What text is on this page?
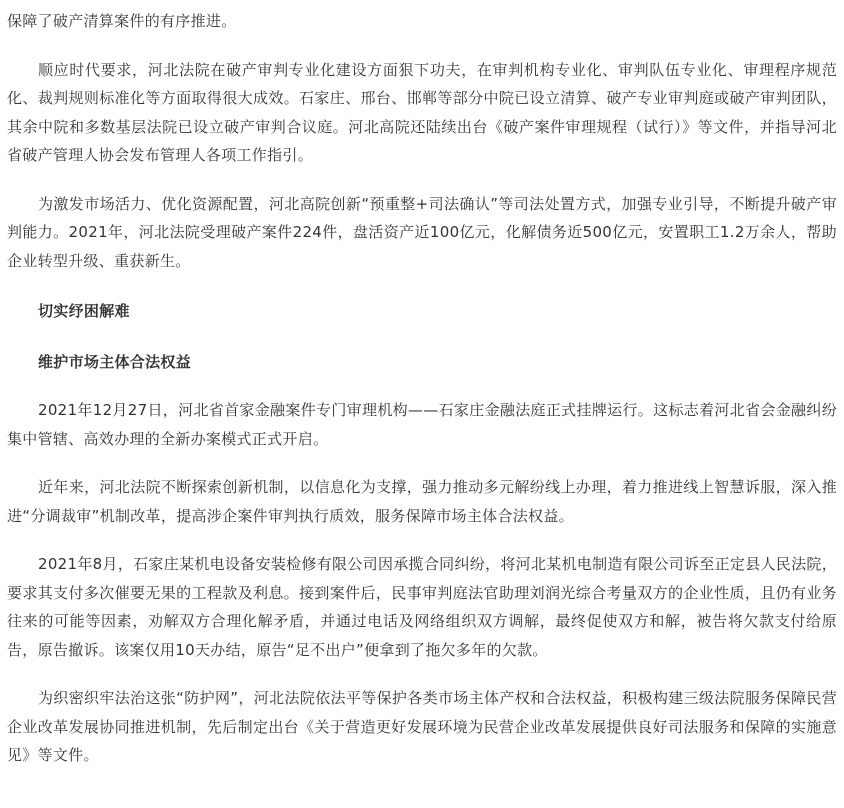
保障了破产清算案件的有序推进。

顺应时代要求，河北法院在破产审判专业化建设方面狠下功夫，在审判机构专业化、审判队伍专业化、审理程序规范化、裁判规则标准化等方面取得很大成效。石家庄、邢台、邯郸等部分中院已设立清算、破产专业审判庭或破产审判团队，其余中院和多数基层法院已设立破产审判合议庭。河北高院还陆续出台《破产案件审理规程（试行）》等文件，并指导河北省破产管理人协会发布管理人各项工作指引。

为激发市场活力、优化资源配置，河北高院创新“预重整+司法确认”等司法处置方式，加强专业引导，不断提升破产审判能力。2021年，河北法院受理破产案件224件，盘活资产近100亿元，化解债务近500亿元，安置职工1.2万余人，帮助企业转型升级、重获新生。

切实纾困解难

维护市场主体合法权益

2021年12月27日，河北省首家金融案件专门审理机构——石家庄金融法庭正式挂牌运行。这标志着河北省会金融纠纷集中管辖、高效办理的全新办案模式正式开启。

近年来，河北法院不断探索创新机制，以信息化为支撑，强力推动多元解纷线上办理，着力推进线上智慧诉服，深入推进“分调裁审”机制改革，提高涉企案件审判执行质效，服务保障市场主体合法权益。

2021年8月，石家庄某机电设备安装检修有限公司因承揽合同纠纷，将河北某机电制造有限公司诉至正定县人民法院，要求其支付多次催要无果的工程款及利息。接到案件后，民事审判庭法官助理刘润光综合考量双方的企业性质，且仍有业务往来的可能等因素，劝解双方合理化解矛盾，并通过电话及网络组织双方调解，最终促使双方和解，被告将欠款支付给原告，原告撤诉。该案仅用10天办结，原告“足不出户”便拿到了拖欠多年的欠款。

为织密织牢法治这张“防护网”，河北法院依法平等保护各类市场主体产权和合法权益，积极构建三级法院服务保障民营企业改革发展协同推进机制，先后制定出台《关于营造更好发展环境为民营企业改革发展提供良好司法服务和保障的实施意见》等文件。
